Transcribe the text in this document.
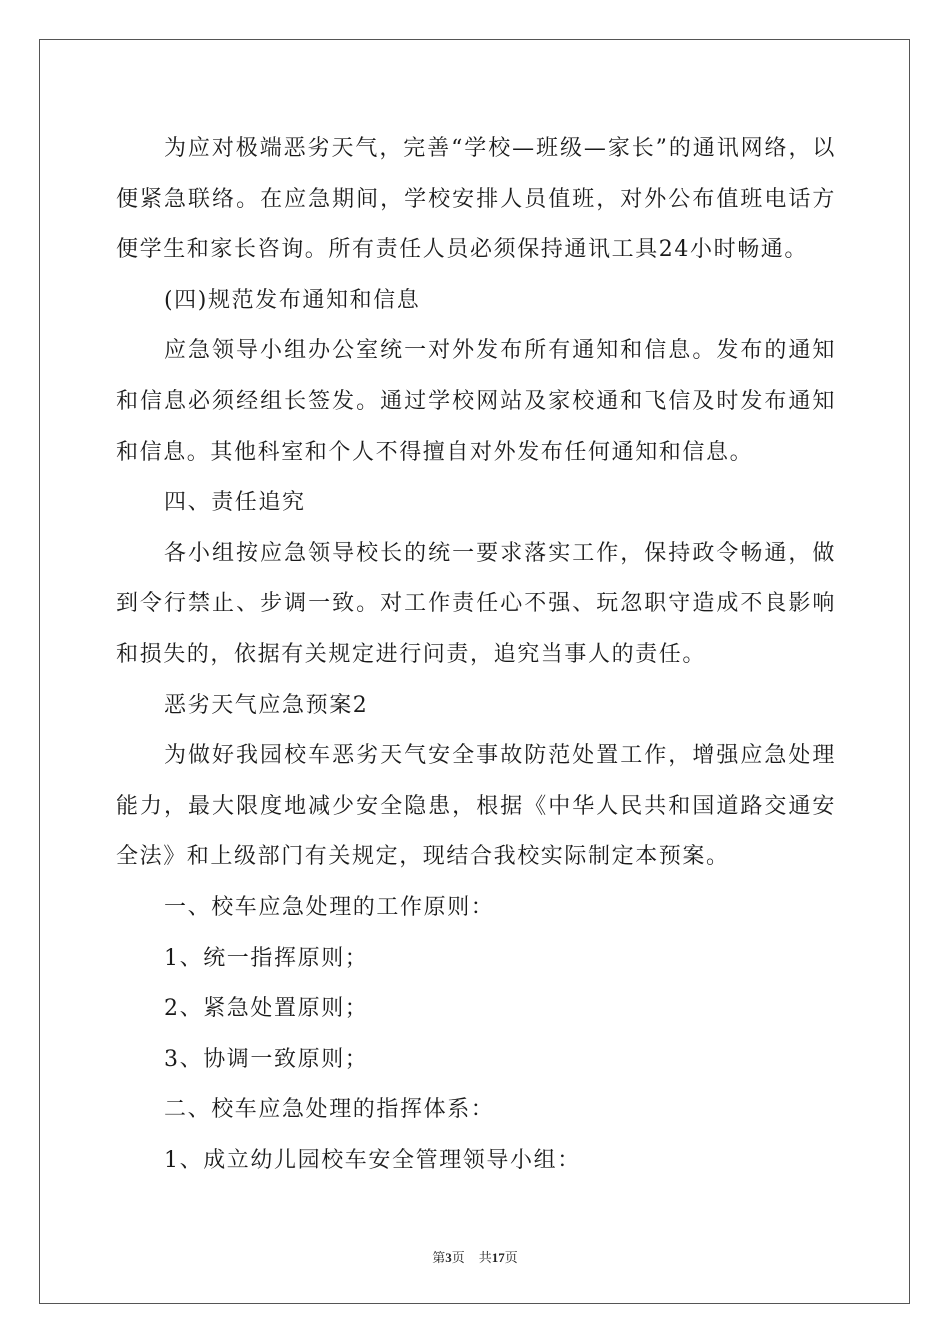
为应对极端恶劣天气，完善“学校—班级—家长”的通讯网络，以便紧急联络。在应急期间，学校安排人员值班，对外公布值班电话方便学生和家长咨询。所有责任人员必须保持通讯工具24小时畅通。

(四)规范发布通知和信息

应急领导小组办公室统一对外发布所有通知和信息。发布的通知和信息必须经组长签发。通过学校网站及家校通和飞信及时发布通知和信息。其他科室和个人不得擅自对外发布任何通知和信息。

四、责任追究

各小组按应急领导校长的统一要求落实工作，保持政令畅通，做到令行禁止、步调一致。对工作责任心不强、玩忽职守造成不良影响和损失的，依据有关规定进行问责，追究当事人的责任。

恶劣天气应急预案2

为做好我园校车恶劣天气安全事故防范处置工作，增强应急处理能力，最大限度地减少安全隐患，根据《中华人民共和国道路交通安全法》和上级部门有关规定，现结合我校实际制定本预案。

一、校车应急处理的工作原则：

1、统一指挥原则；

2、紧急处置原则；

3、协调一致原则；

二、校车应急处理的指挥体系：

1、成立幼儿园校车安全管理领导小组：

第3页 共17页
